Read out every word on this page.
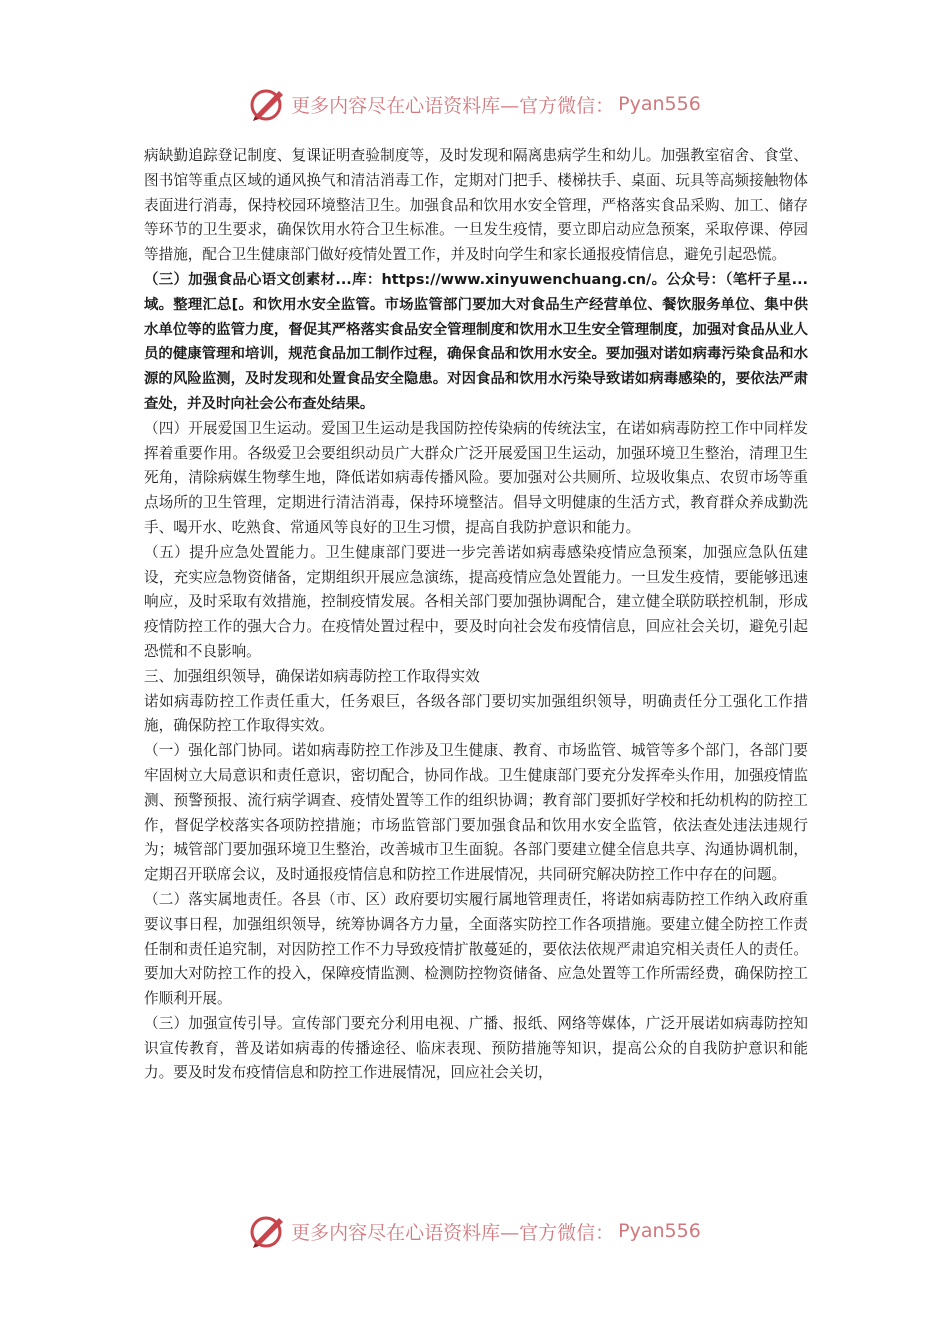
更多内容尽在心语资料库—官方微信： Pyan556

病缺勤追踪登记制度、复课证明查验制度等，及时发现和隔离患病学生和幼儿。加强教室宿舍、食堂、图书馆等重点区域的通风换气和清洁消毒工作，定期对门把手、楼梯扶手、桌面、玩具等高频接触物体表面进行消毒，保持校园环境整洁卫生。加强食品和饮用水安全管理，严格落实食品采购、加工、储存等环节的卫生要求，确保饮用水符合卫生标准。一旦发生疫情，要立即启动应急预案，采取停课、停园等措施，配合卫生健康部门做好疫情处置工作，并及时向学生和家长通报疫情信息，避免引起恐慌。

（三）加强食品心语文创素材...库：https://www.xinyuwenchuang.cn/。公众号：（笔杆子星...域。整理汇总[。和饮用水安全监管。市场监管部门要加大对食品生产经营单位、餐饮服务单位、集中供水单位等的监管力度，督促其严格落实食品安全管理制度和饮用水卫生安全管理制度，加强对食品从业人员的健康管理和培训，规范食品加工制作过程，确保食品和饮用水安全。要加强对诺如病毒污染食品和水源的风险监测，及时发现和处置食品安全隐患。对因食品和饮用水污染导致诺如病毒感染的，要依法严肃查处，并及时向社会公布查处结果。

（四）开展爱国卫生运动。爱国卫生运动是我国防控传染病的传统法宝，在诺如病毒防控工作中同样发挥着重要作用。各级爱卫会要组织动员广大群众广泛开展爱国卫生运动，加强环境卫生整治，清理卫生死角，清除病媒生物孳生地，降低诺如病毒传播风险。要加强对公共厕所、垃圾收集点、农贸市场等重点场所的卫生管理，定期进行清洁消毒，保持环境整洁。倡导文明健康的生活方式，教育群众养成勤洗手、喝开水、吃熟食、常通风等良好的卫生习惯，提高自我防护意识和能力。

（五）提升应急处置能力。卫生健康部门要进一步完善诺如病毒感染疫情应急预案，加强应急队伍建设，充实应急物资储备，定期组织开展应急演练，提高疫情应急处置能力。一旦发生疫情，要能够迅速响应，及时采取有效措施，控制疫情发展。各相关部门要加强协调配合，建立健全联防联控机制，形成疫情防控工作的强大合力。在疫情处置过程中，要及时向社会发布疫情信息，回应社会关切，避免引起恐慌和不良影响。

三、加强组织领导，确保诺如病毒防控工作取得实效

诺如病毒防控工作责任重大，任务艰巨，各级各部门要切实加强组织领导，明确责任分工强化工作措施，确保防控工作取得实效。

（一）强化部门协同。诺如病毒防控工作涉及卫生健康、教育、市场监管、城管等多个部门，各部门要牢固树立大局意识和责任意识，密切配合，协同作战。卫生健康部门要充分发挥牵头作用，加强疫情监测、预警预报、流行病学调查、疫情处置等工作的组织协调；教育部门要抓好学校和托幼机构的防控工作，督促学校落实各项防控措施；市场监管部门要加强食品和饮用水安全监管，依法查处违法违规行为；城管部门要加强环境卫生整治，改善城市卫生面貌。各部门要建立健全信息共享、沟通协调机制，定期召开联席会议，及时通报疫情信息和防控工作进展情况，共同研究解决防控工作中存在的问题。

（二）落实属地责任。各县（市、区）政府要切实履行属地管理责任，将诺如病毒防控工作纳入政府重要议事日程，加强组织领导，统筹协调各方力量，全面落实防控工作各项措施。要建立健全防控工作责任制和责任追究制，对因防控工作不力导致疫情扩散蔓延的，要依法依规严肃追究相关责任人的责任。要加大对防控工作的投入，保障疫情监测、检测防控物资储备、应急处置等工作所需经费，确保防控工作顺利开展。

（三）加强宣传引导。宣传部门要充分利用电视、广播、报纸、网络等媒体，广泛开展诺如病毒防控知识宣传教育，普及诺如病毒的传播途径、临床表现、预防措施等知识，提高公众的自我防护意识和能力。要及时发布疫情信息和防控工作进展情况，回应社会关切，

更多内容尽在心语资料库—官方微信： Pyan556
